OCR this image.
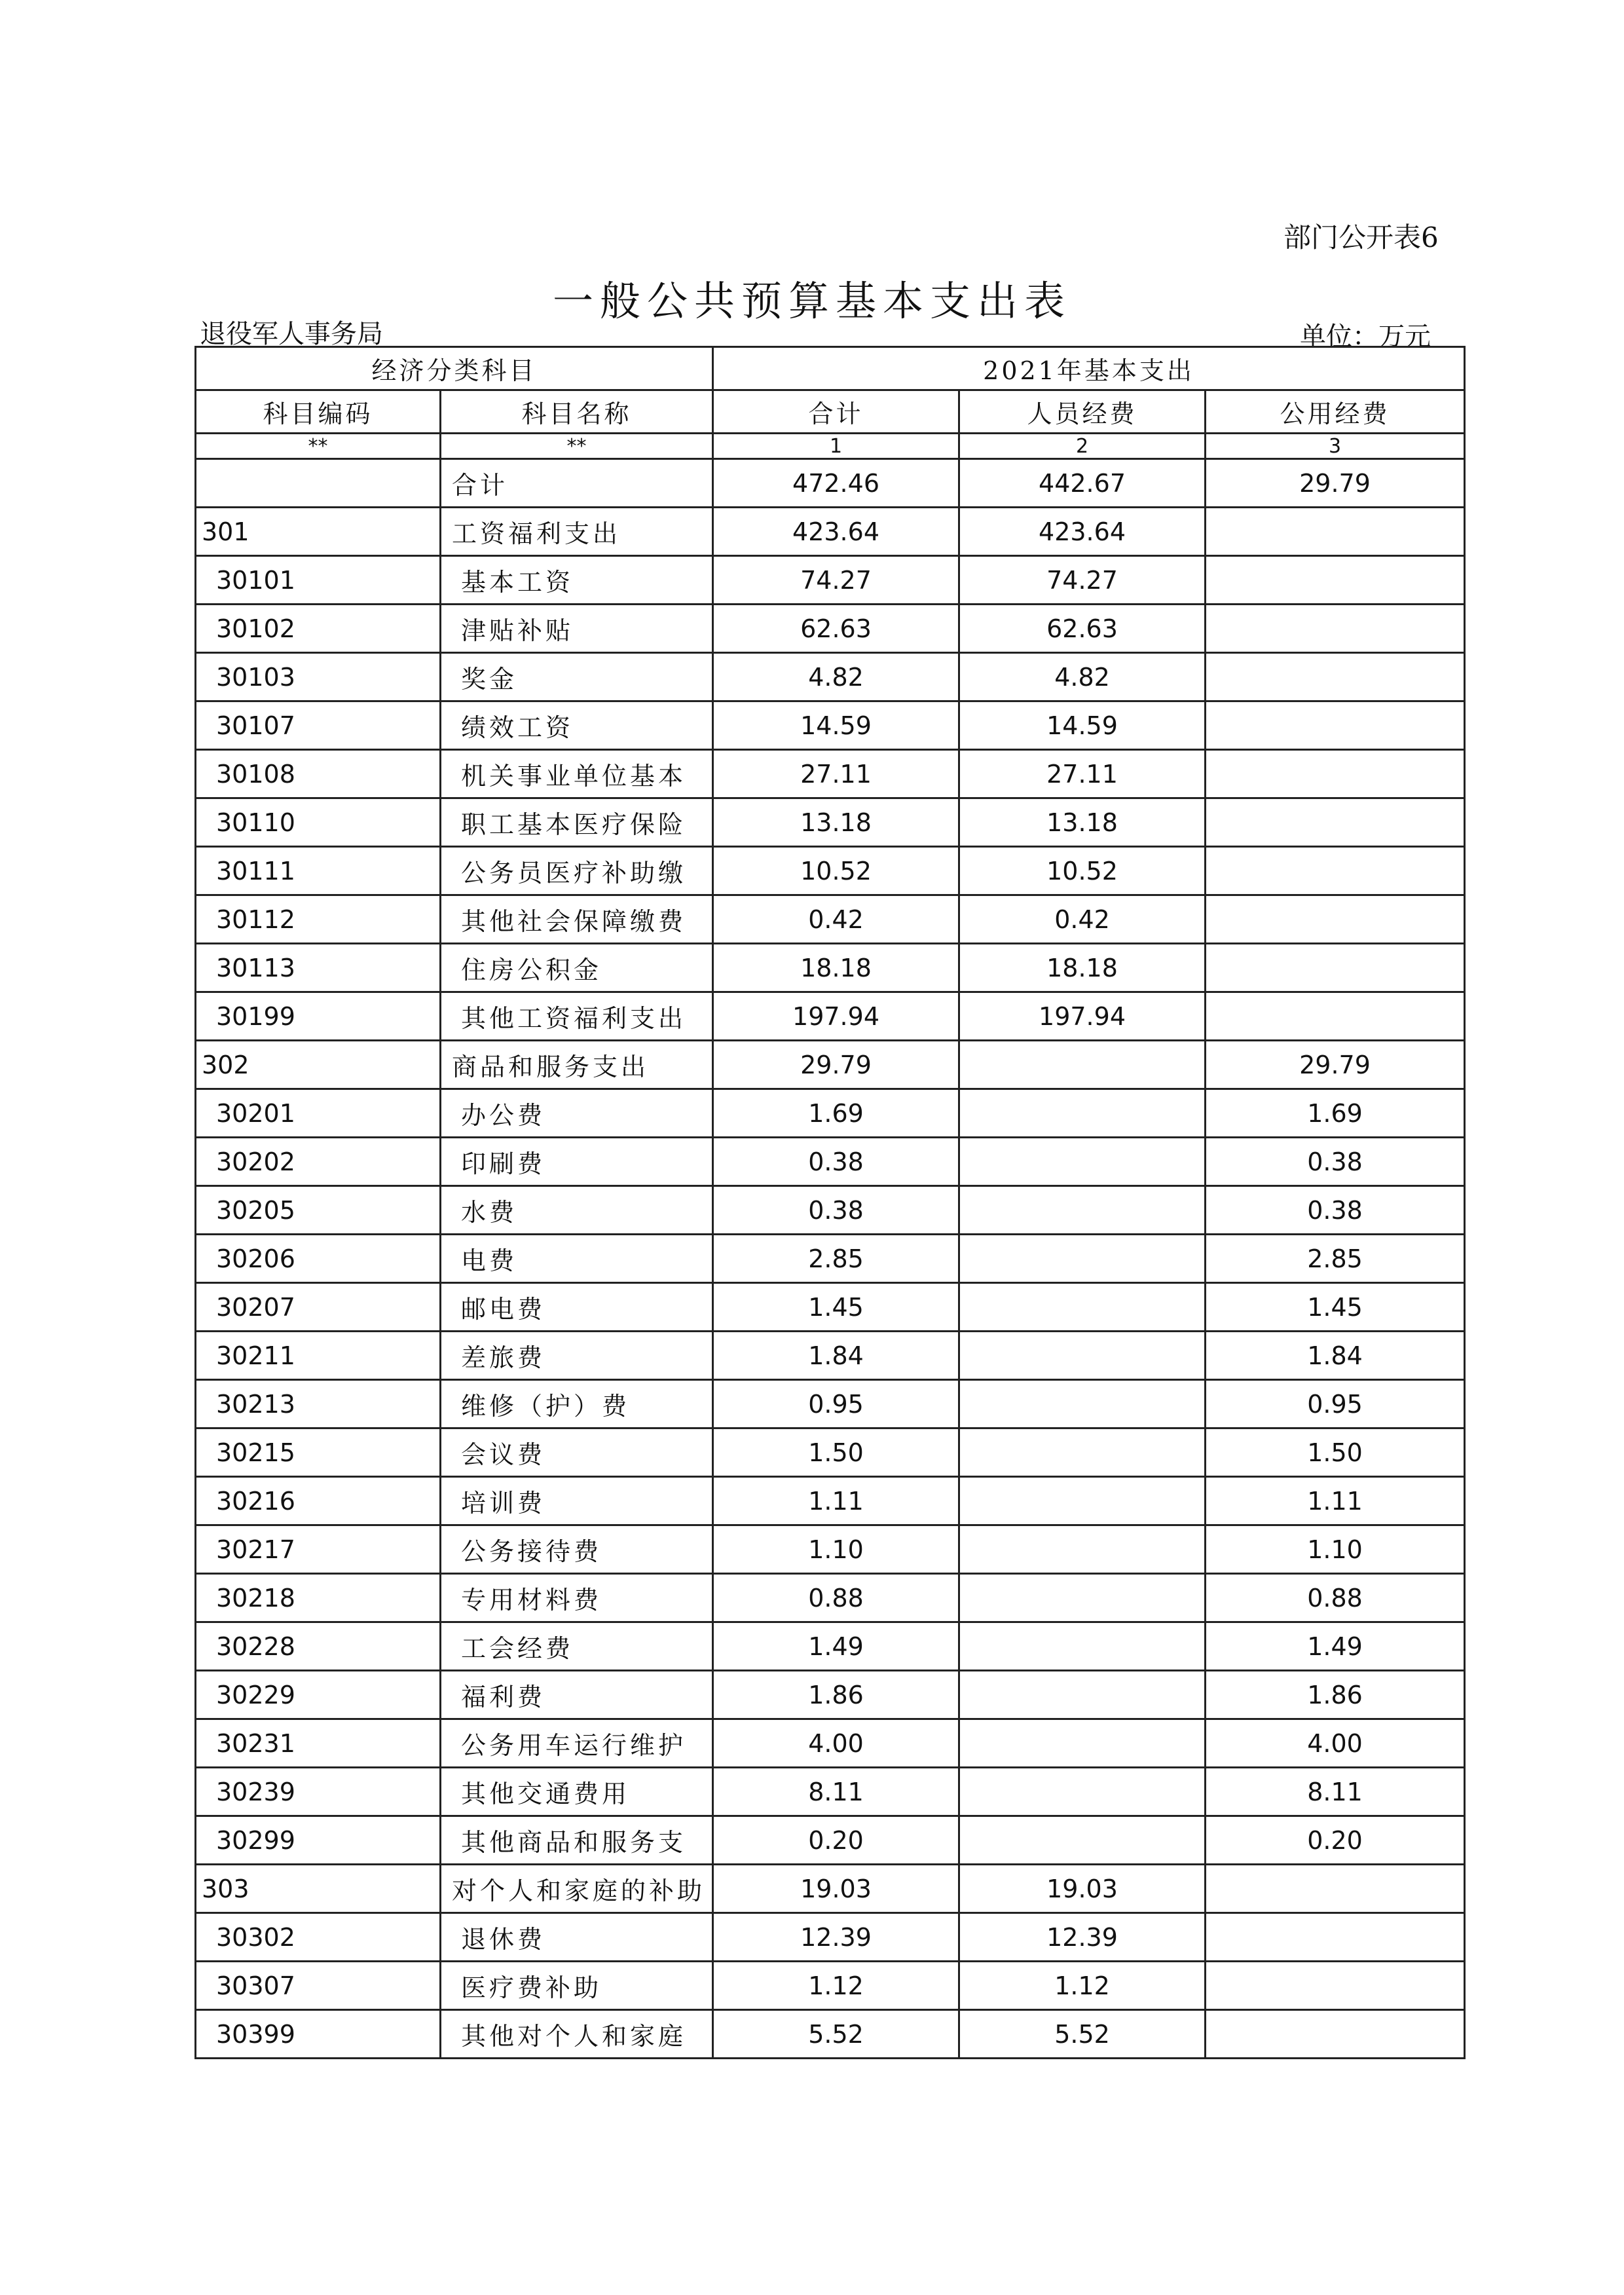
部门公开表6
一般公共预算基本支出表
退役军人事务局	单位：万元
经济分类科目		2021年基本支出		
科目编码	科目名称	合计	人员经费	公用经费
**	**	1	2	3
	合计	472.46	442.67	29.79
301	工资福利支出	423.64	423.64	
30101	基本工资	74.27	74.27	
30102	津贴补贴	62.63	62.63	
30103	奖金	4.82	4.82	
30107	绩效工资	14.59	14.59	
30108	机关事业单位基本	27.11	27.11	
30110	职工基本医疗保险	13.18	13.18	
30111	公务员医疗补助缴	10.52	10.52	
30112	其他社会保障缴费	0.42	0.42	
30113	住房公积金	18.18	18.18	
30199	其他工资福利支出	197.94	197.94	
302	商品和服务支出	29.79		29.79
30201	办公费	1.69		1.69
30202	印刷费	0.38		0.38
30205	水费	0.38		0.38
30206	电费	2.85		2.85
30207	邮电费	1.45		1.45
30211	差旅费	1.84		1.84
30213	维修（护）费	0.95		0.95
30215	会议费	1.50		1.50
30216	培训费	1.11		1.11
30217	公务接待费	1.10		1.10
30218	专用材料费	0.88		0.88
30228	工会经费	1.49		1.49
30229	福利费	1.86		1.86
30231	公务用车运行维护	4.00		4.00
30239	其他交通费用	8.11		8.11
30299	其他商品和服务支	0.20		0.20
303	对个人和家庭的补助	19.03	19.03	
30302	退休费	12.39	12.39	
30307	医疗费补助	1.12	1.12	
30399	其他对个人和家庭	5.52	5.52	
